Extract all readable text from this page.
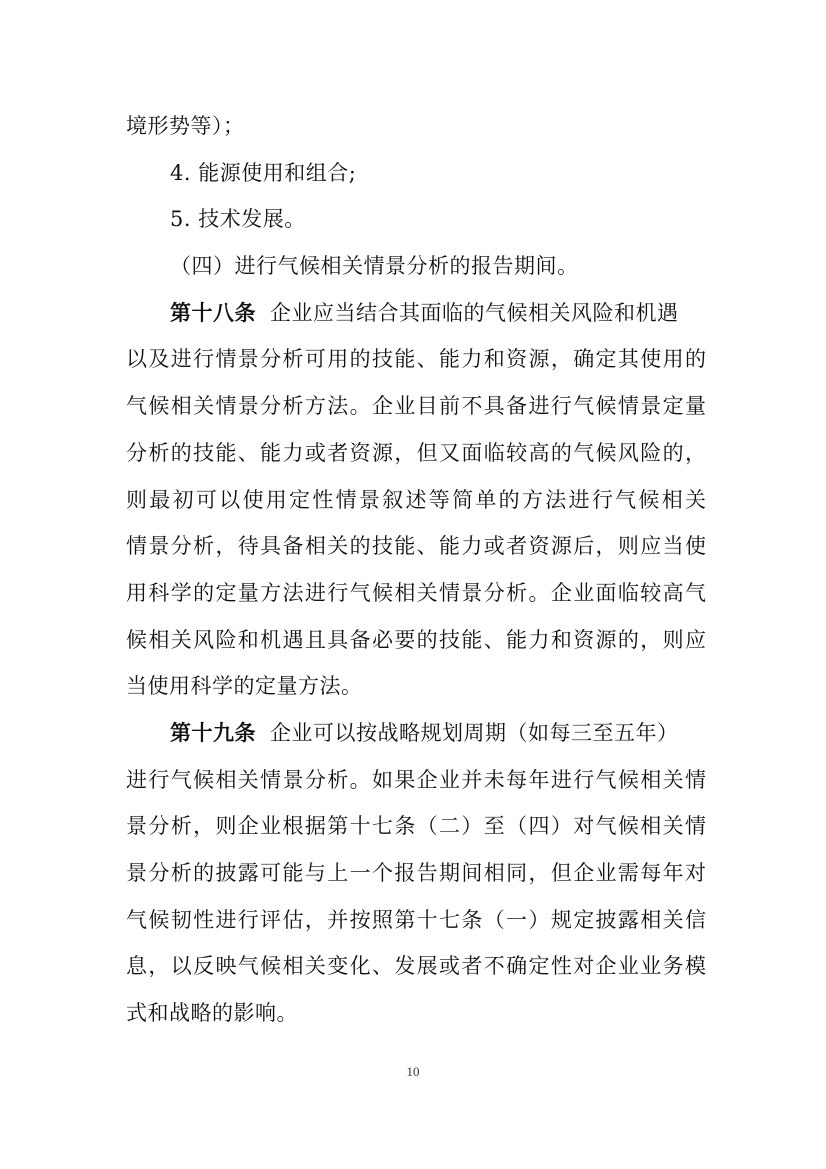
境形势等）；
4. 能源使用和组合;
5. 技术发展。
（四）进行气候相关情景分析的报告期间。
第十八条 企业应当结合其面临的气候相关风险和机遇
以及进行情景分析可用的技能、能力和资源，确定其使用的
气候相关情景分析方法。企业目前不具备进行气候情景定量
分析的技能、能力或者资源，但又面临较高的气候风险的，
则最初可以使用定性情景叙述等简单的方法进行气候相关
情景分析，待具备相关的技能、能力或者资源后，则应当使
用科学的定量方法进行气候相关情景分析。企业面临较高气
候相关风险和机遇且具备必要的技能、能力和资源的，则应
当使用科学的定量方法。
第十九条 企业可以按战略规划周期（如每三至五年）
进行气候相关情景分析。如果企业并未每年进行气候相关情
景分析，则企业根据第十七条（二）至（四）对气候相关情
景分析的披露可能与上一个报告期间相同，但企业需每年对
气候韧性进行评估，并按照第十七条（一）规定披露相关信
息，以反映气候相关变化、发展或者不确定性对企业业务模
式和战略的影响。
10
